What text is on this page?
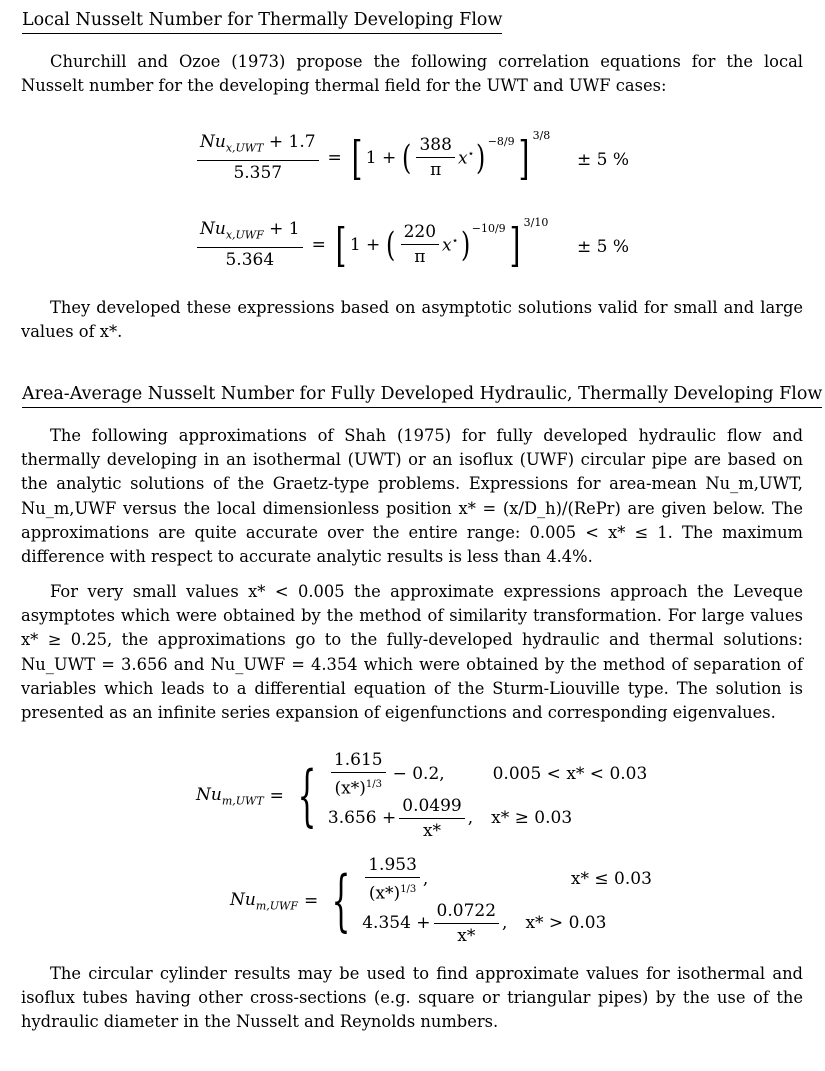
Local Nusselt Number for Thermally Developing Flow

Churchill and Ozoe (1973) propose the following correlation equations for the local Nusselt number for the developing thermal field for the UWT and UWF cases:

$\frac{Nu_{x,UWT} + 1.7}{5.357}$ = [ 1 + ( $\frac{388}{\pi} x^⋆$ )$^{-8/9}$ ] $^{3/8}$
± 5 %
$\frac{Nu_{x,UWF} + 1}{5.364}$ = [ 1 + ( $\frac{220}{\pi} x^⋆$ )$^{-10/9}$ ] $^{3/10}$
± 5 %

They developed these expressions based on asymptotic solutions valid for small and large values of x*.

Area-Average Nusselt Number for Fully Developed Hydraulic, Thermally Developing Flow

The following approximations of Shah (1975) for fully developed hydraulic flow and thermally developing in an isothermal (UWT) or an isoflux (UWF) circular pipe are based on the analytic solutions of the Graetz-type problems. Expressions for area-mean Nu_m,UWT, Nu_m,UWF versus the local dimensionless position x* = (x/D_h)/(RePr) are given below. The approximations are quite accurate over the entire range: 0.005 < x* ≤ 1. The maximum difference with respect to accurate analytic results is less than 4.4%.

For very small values x* < 0.005 the approximate expressions approach the Leveque asymptotes which were obtained by the method of similarity transformation. For large values x* ≥ 0.25, the approximations go to the fully-developed hydraulic and thermal solutions: Nu_UWT = 3.656 and Nu_UWF = 4.354 which were obtained by the method of separation of variables which leads to a differential equation of the Sturm-Liouville type. The solution is presented as an infinite series expansion of eigenfunctions and corresponding eigenvalues.

$Nu_{m,UWT}$ = { $\frac{1.615}{(x*)^{1/3}} - 0.2$,	0.005 < x* < 0.03
$3.656 + \frac{0.0499}{x*}$ , x* ≥ 0.03
$Nu_{m,UWF}$ = { $\frac{1.953}{(x*)^{1/3}}$ ,	x* ≤ 0.03
$4.354 + \frac{0.0722}{x*}$ , x* > 0.03

The circular cylinder results may be used to find approximate values for isothermal and isoflux tubes having other cross-sections (e.g. square or triangular pipes) by the use of the hydraulic diameter in the Nusselt and Reynolds numbers.
